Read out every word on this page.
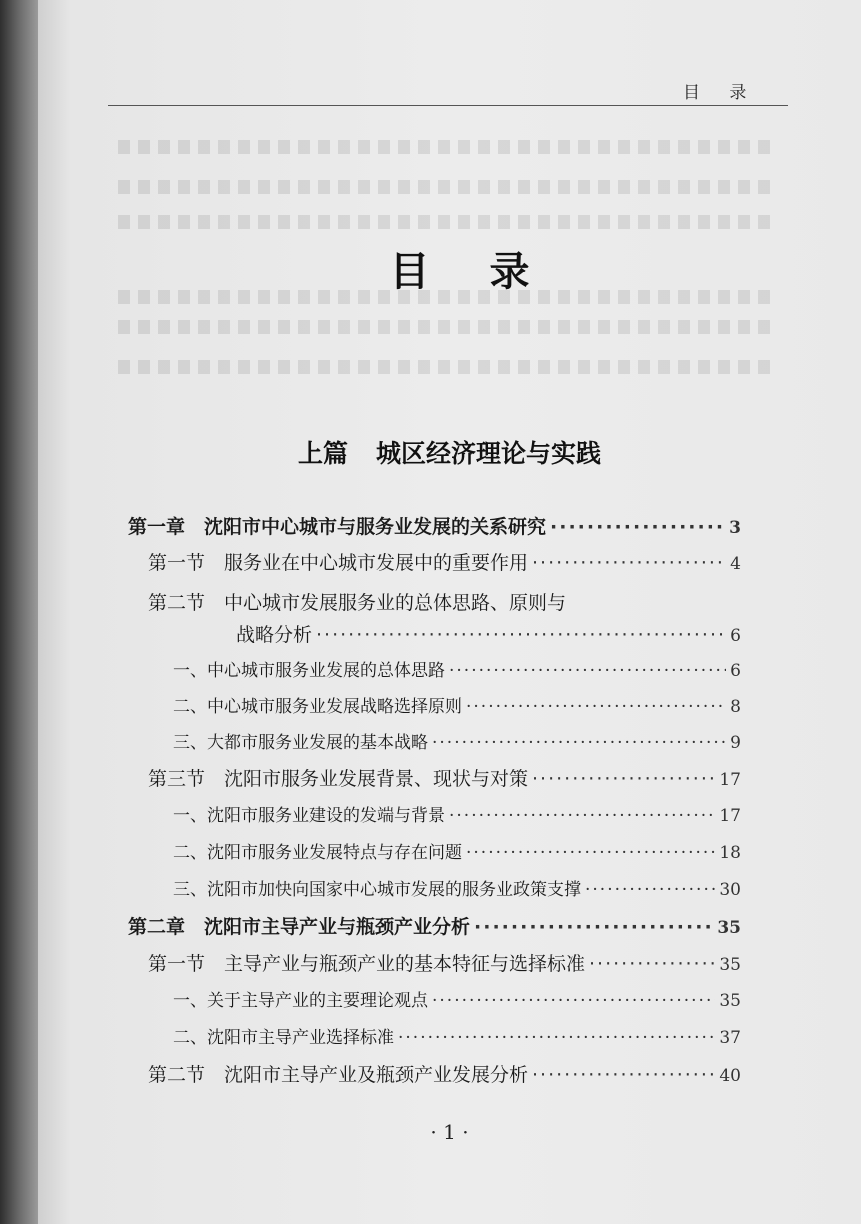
目 录
目录
上篇 城区经济理论与实践
第一章　沈阳市中心城市与服务业发展的关系研究 ·····	3
第一节　服务业在中心城市发展中的重要作用 ·····	4
第二节　中心城市发展服务业的总体思路、原则与
战略分析 ·····	6
一、中心城市服务业发展的总体思路 ·····	6
二、中心城市服务业发展战略选择原则 ·····	8
三、大都市服务业发展的基本战略 ·····	9
第三节　沈阳市服务业发展背景、现状与对策 ·····	17
一、沈阳市服务业建设的发端与背景 ·····	17
二、沈阳市服务业发展特点与存在问题 ·····	18
三、沈阳市加快向国家中心城市发展的服务业政策支撑 ·····	30
第二章　沈阳市主导产业与瓶颈产业分析 ·····	35
第一节　主导产业与瓶颈产业的基本特征与选择标准 ·····	35
一、关于主导产业的主要理论观点 ·····	35
二、沈阳市主导产业选择标准 ·····	37
第二节　沈阳市主导产业及瓶颈产业发展分析 ·····	40
· 1 ·
